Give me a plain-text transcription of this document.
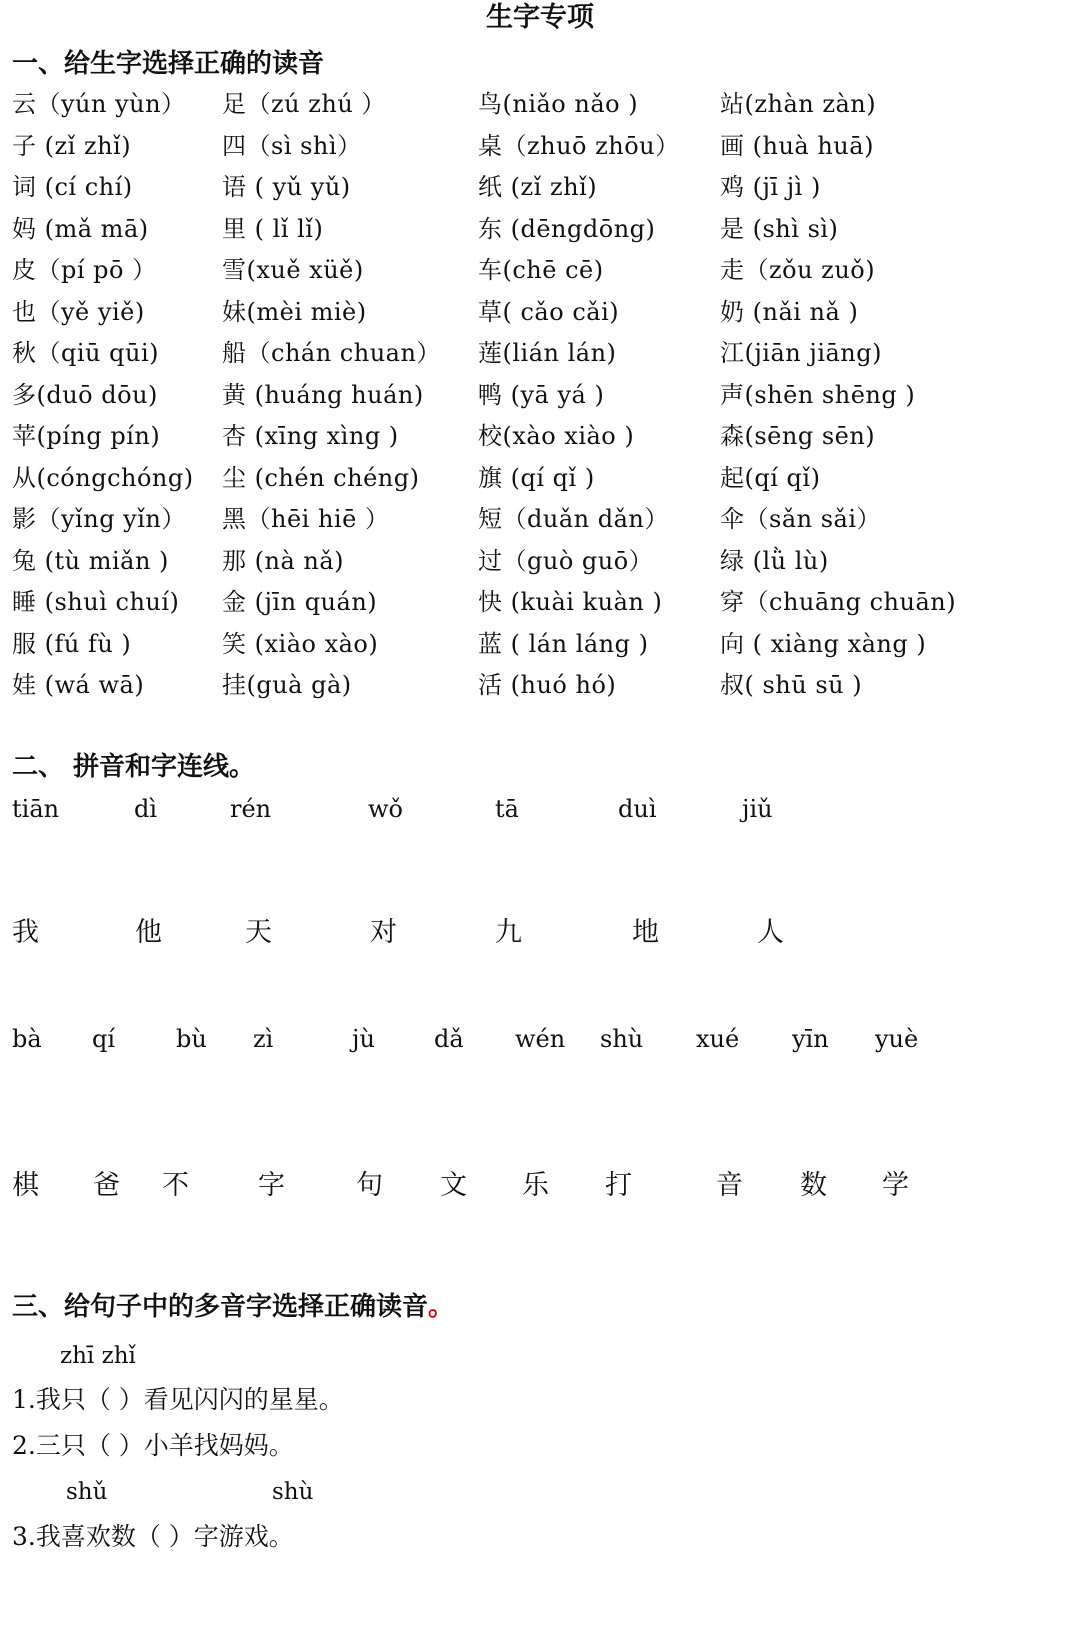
生字专项
一、给生字选择正确的读音
云（yún yùn） 足（zú zhú ）	鸟(niǎo nǎo )	站(zhàn zàn)
子 (zǐ zhǐ)	四（sì shì）	桌（zhuō zhōu） 画 (huà huā)
词 (cí chí)	语 ( yǔ yǔ)	纸 (zǐ zhǐ)	鸡 (jī jì )
妈 (mǎ mā)	里 ( lǐ lǐ)	东 (dēngdōng)	是 (shì sì)
皮（pí pō ）	雪(xuě xüě)	车(chē cē)	走（zǒu zuǒ)
也（yě yiě)	妹(mèi miè)	草( cǎo cǎi)	奶 (nǎi nǎ )
秋（qiū qūi)	船（chán chuan） 莲(lián lán)	江(jiān jiāng)
多(duō dōu)	黄 (huáng huán) 鸭 (yā yá )	声(shēn shēng )
苹(píng pín)	杏 (xīng xìng )	校(xào xiào )	森(sēng sēn)
从(cóngchóng) 尘 (chén chéng) 旗 (qí qǐ )	起(qí qǐ)
影（yǐng yǐn） 黑（hēi hiē ）	短（duǎn dǎn） 伞（sǎn sǎi）
兔 (tù miǎn ) 那 (nà nǎ)	过（guò guō）	绿 (lǜ lù)
睡 (shuì chuí) 金 (jīn quán)	快 (kuài kuàn ) 穿（chuāng chuān)
服 (fú fù )	笑 (xiào xào)	蓝 ( lán láng )	向 ( xiàng xàng )
娃 (wá wā)	挂(guà gà)	活 (huó hó)	叔( shū sū )
二、 拼音和字连线。
tiān	dì	rén	wǒ	tā	duì	jiǔ
我	他	天	对	九	地	人
bà qí	bù zì	jù dǎ wén shù xué yīn yuè
棋 爸 不	字	句 文 乐 打	音 数 学
三、给句子中的多音字选择正确读音。
zhī zhǐ
1.我只（ ）看见闪闪的星星。
2.三只（ ）小羊找妈妈。
shǔ	shù
3.我喜欢数（ ）字游戏。
